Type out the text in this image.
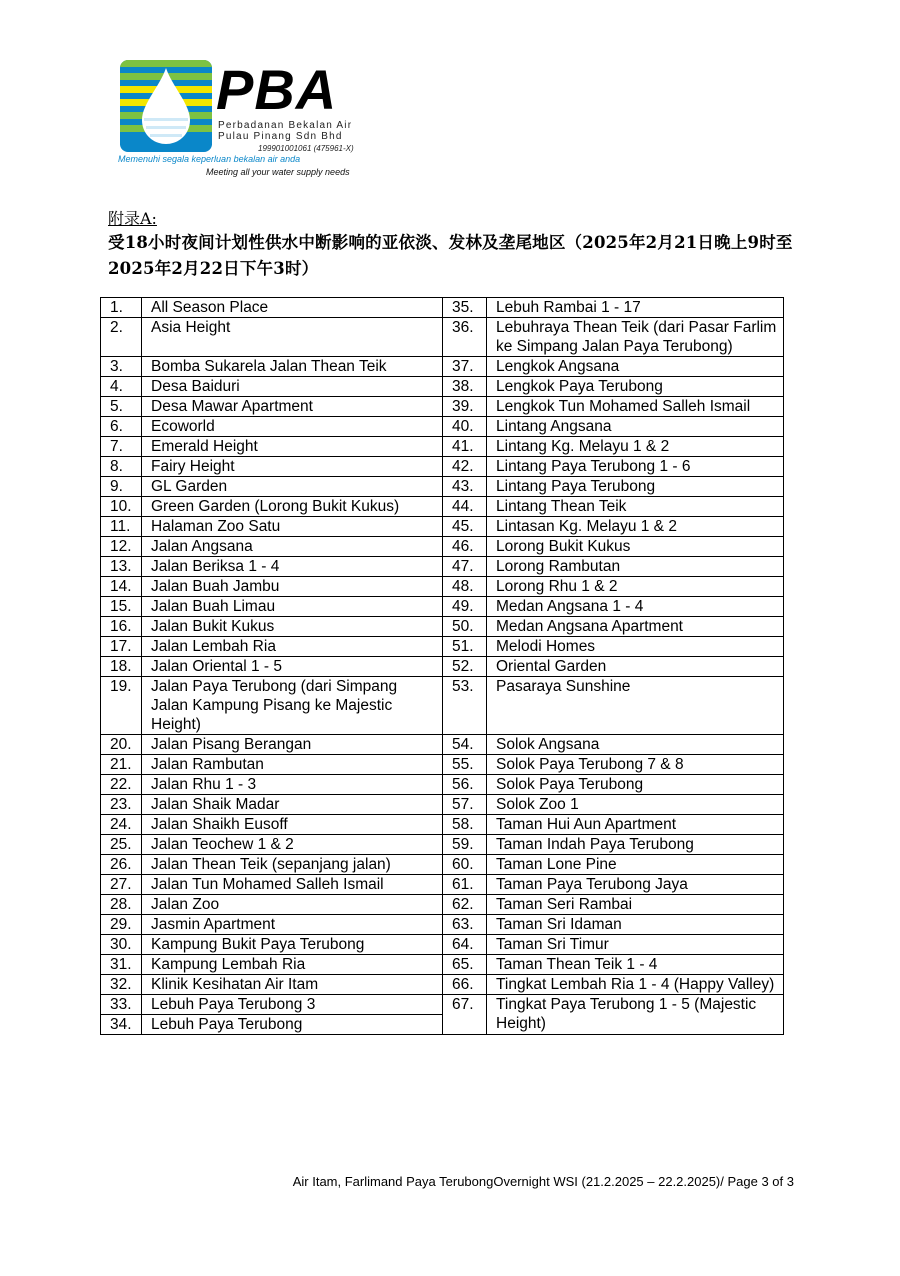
PBA
Perbadanan Bekalan Air
Pulau Pinang Sdn Bhd
199901001061 (475961-X)
Memenuhi segala keperluan bekalan air anda
Meeting all your water supply needs
附录A:
受18小时夜间计划性供水中断影响的亚依淡、发林及垄尾地区（2025年2月21日晚上9时至2025年2月22日下午3时）
1.	All Season Place	35.	Lebuh Rambai 1 - 17
2.	Asia Height	36.	Lebuhraya Thean Teik (dari Pasar Farlim ke Simpang Jalan Paya Terubong)
3.	Bomba Sukarela Jalan Thean Teik	37.	Lengkok Angsana
4.	Desa Baiduri	38.	Lengkok Paya Terubong
5.	Desa Mawar Apartment	39.	Lengkok Tun Mohamed Salleh Ismail
6.	Ecoworld	40.	Lintang Angsana
7.	Emerald Height	41.	Lintang Kg. Melayu 1 & 2
8.	Fairy Height	42.	Lintang Paya Terubong 1 - 6
9.	GL Garden	43.	Lintang Paya Terubong
10.	Green Garden (Lorong Bukit Kukus)	44.	Lintang Thean Teik
11.	Halaman Zoo Satu	45.	Lintasan Kg. Melayu 1 & 2
12.	Jalan Angsana	46.	Lorong Bukit Kukus
13.	Jalan Beriksa 1 - 4	47.	Lorong Rambutan
14.	Jalan Buah Jambu	48.	Lorong Rhu 1 & 2
15.	Jalan Buah Limau	49.	Medan Angsana 1 - 4
16.	Jalan Bukit Kukus	50.	Medan Angsana Apartment
17.	Jalan Lembah Ria	51.	Melodi Homes
18.	Jalan Oriental 1 - 5	52.	Oriental Garden
19.	Jalan Paya Terubong (dari Simpang Jalan Kampung Pisang ke Majestic Height)	53.	Pasaraya Sunshine
20.	Jalan Pisang Berangan	54.	Solok Angsana
21.	Jalan Rambutan	55.	Solok Paya Terubong 7 & 8
22.	Jalan Rhu 1 - 3	56.	Solok Paya Terubong
23.	Jalan Shaik Madar	57.	Solok Zoo 1
24.	Jalan Shaikh Eusoff	58.	Taman Hui Aun Apartment
25.	Jalan Teochew 1 & 2	59.	Taman Indah Paya Terubong
26.	Jalan Thean Teik (sepanjang jalan)	60.	Taman Lone Pine
27.	Jalan Tun Mohamed Salleh Ismail	61.	Taman Paya Terubong Jaya
28.	Jalan Zoo	62.	Taman Seri Rambai
29.	Jasmin Apartment	63.	Taman Sri Idaman
30.	Kampung Bukit Paya Terubong	64.	Taman Sri Timur
31.	Kampung Lembah Ria	65.	Taman Thean Teik 1 - 4
32.	Klinik Kesihatan Air Itam	66.	Tingkat Lembah Ria 1 - 4 (Happy Valley)
33.	Lebuh Paya Terubong 3	67.	Tingkat Paya Terubong 1 - 5 (Majestic Height)
34.	Lebuh Paya Terubong		
Air Itam, Farlimand Paya TerubongOvernight WSI (21.2.2025 – 22.2.2025)/ Page 3 of 3
